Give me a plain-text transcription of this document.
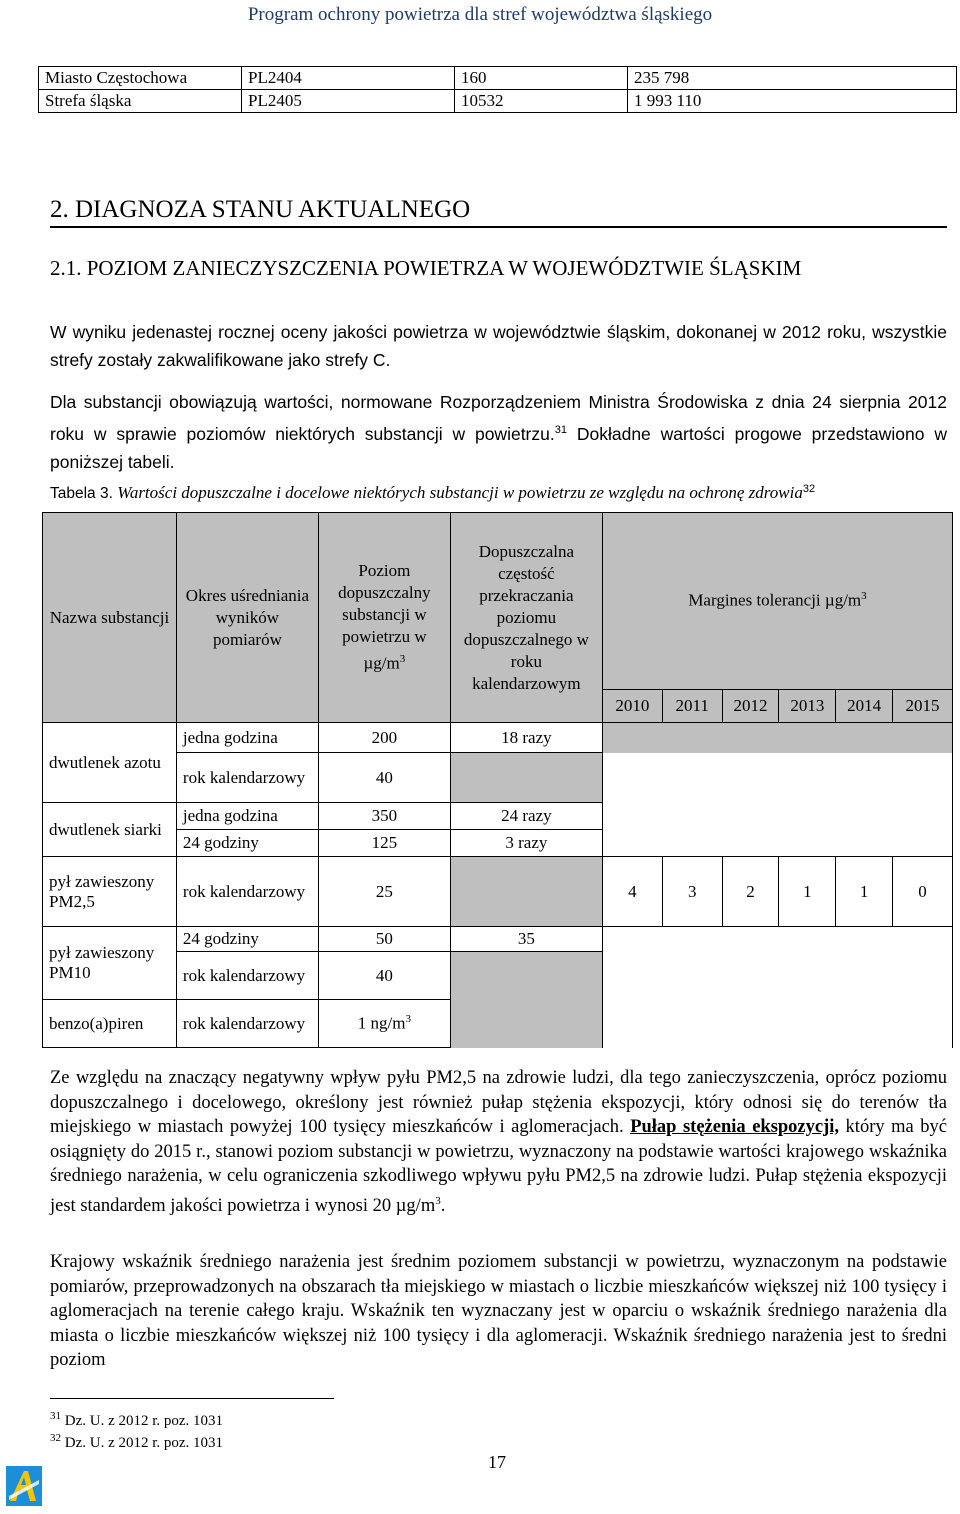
Program ochrony powietrza dla stref województwa śląskiego
Miasto Częstochowa	PL2404	160	235 798
Strefa śląska	PL2405	10532	1 993 110
2. DIAGNOZA STANU AKTUALNEGO
2.1. POZIOM ZANIECZYSZCZENIA POWIETRZA W WOJEWÓDZTWIE ŚLĄSKIM
W wyniku jedenastej rocznej oceny jakości powietrza w województwie śląskim, dokonanej w 2012 roku, wszystkie strefy zostały zakwalifikowane jako strefy C.
Dla substancji obowiązują wartości, normowane Rozporządzeniem Ministra Środowiska z dnia 24 sierpnia 2012 roku w sprawie poziomów niektórych substancji w powietrzu.$^{31}$ Dokładne wartości progowe przedstawiono w poniższej tabeli.
Tabela 3. Wartości dopuszczalne i docelowe niektórych substancji w powietrzu ze względu na ochronę zdrowia$^{32}$
Nazwa substancji	Okres uśredniania wyników pomiarów	Poziom dopuszczalny substancji w powietrzu w $\mu g/m^3$	Dopuszczalna częstość przekraczania poziomu dopuszczalnego w roku kalendarzowym	Margines tolerancji $\mu g/m^3$
				2010	2011	2012	2013	2014	2015
dwutlenek azotu	jedna godzina	200	18 razy						
	rok kalendarzowy	40							
dwutlenek siarki	jedna godzina	350	24 razy						
	24 godziny	125	3 razy						
pył zawieszony PM2,5	rok kalendarzowy	25		4	3	2	1	1	0
pył zawieszony PM10	24 godziny	50	35						
	rok kalendarzowy	40							
benzo(a)piren	rok kalendarzowy	1 $ng/m^3$		
Ze względu na znaczący negatywny wpływ pyłu PM2,5 na zdrowie ludzi, dla tego zanieczyszczenia, oprócz poziomu dopuszczalnego i docelowego, określony jest również pułap stężenia ekspozycji, który odnosi się do terenów tła miejskiego w miastach powyżej 100 tysięcy mieszkańców i aglomeracjach. Pułap stężenia ekspozycji, który ma być osiągnięty do 2015 r., stanowi poziom substancji w powietrzu, wyznaczony na podstawie wartości krajowego wskaźnika średniego narażenia, w celu ograniczenia szkodliwego wpływu pyłu PM2,5 na zdrowie ludzi. Pułap stężenia ekspozycji jest standardem jakości powietrza i wynosi 20 $\mu g/m^3$.
Krajowy wskaźnik średniego narażenia jest średnim poziomem substancji w powietrzu, wyznaczonym na podstawie pomiarów, przeprowadzonych na obszarach tła miejskiego w miastach o liczbie mieszkańców większej niż 100 tysięcy i aglomeracjach na terenie całego kraju. Wskaźnik ten wyznaczany jest w oparciu o wskaźnik średniego narażenia dla miasta o liczbie mieszkańców większej niż 100 tysięcy i dla aglomeracji. Wskaźnik średniego narażenia jest to średni poziom
$^{31}$ Dz. U. z 2012 r. poz. 1031
$^{32}$ Dz. U. z 2012 r. poz. 1031
17
